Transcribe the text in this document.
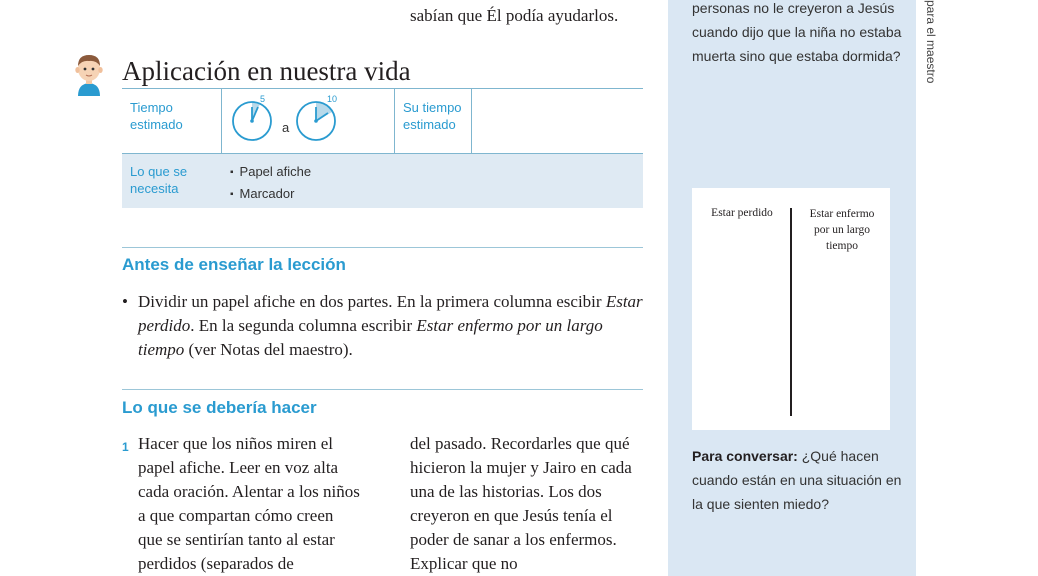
sabían que Él podía ayudarlos.
Aplicación en nuestra vida
Tiempo estimado
5
a
10
Su tiempo estimado
Lo que se necesita
▪ Papel afiche
▪ Marcador
Antes de enseñar la lección
• Dividir un papel afiche en dos partes. En la primera columna escibir Estar perdido. En la segunda columna escribir Estar enfermo por un largo tiempo (ver Notas del maestro).
Lo que se debería hacer
1 Hacer que los niños miren el papel afiche. Leer en voz alta cada oración. Alentar a los niños a que compartan cómo creen que se sentirían tanto al estar perdidos (separados de
del pasado. Recordarles que qué hicieron la mujer y Jairo en cada una de las historias. Los dos creyeron en que Jesús tenía el poder de sanar a los enfermos. Explicar que no
personas no le creyeron a Jesús cuando dijo que la niña no estaba muerta sino que estaba dormida? para el maestro
Estar perdido	Estar enfermo por un largo tiempo
Para conversar: ¿Qué hacen cuando están en una situación en la que sienten miedo?
